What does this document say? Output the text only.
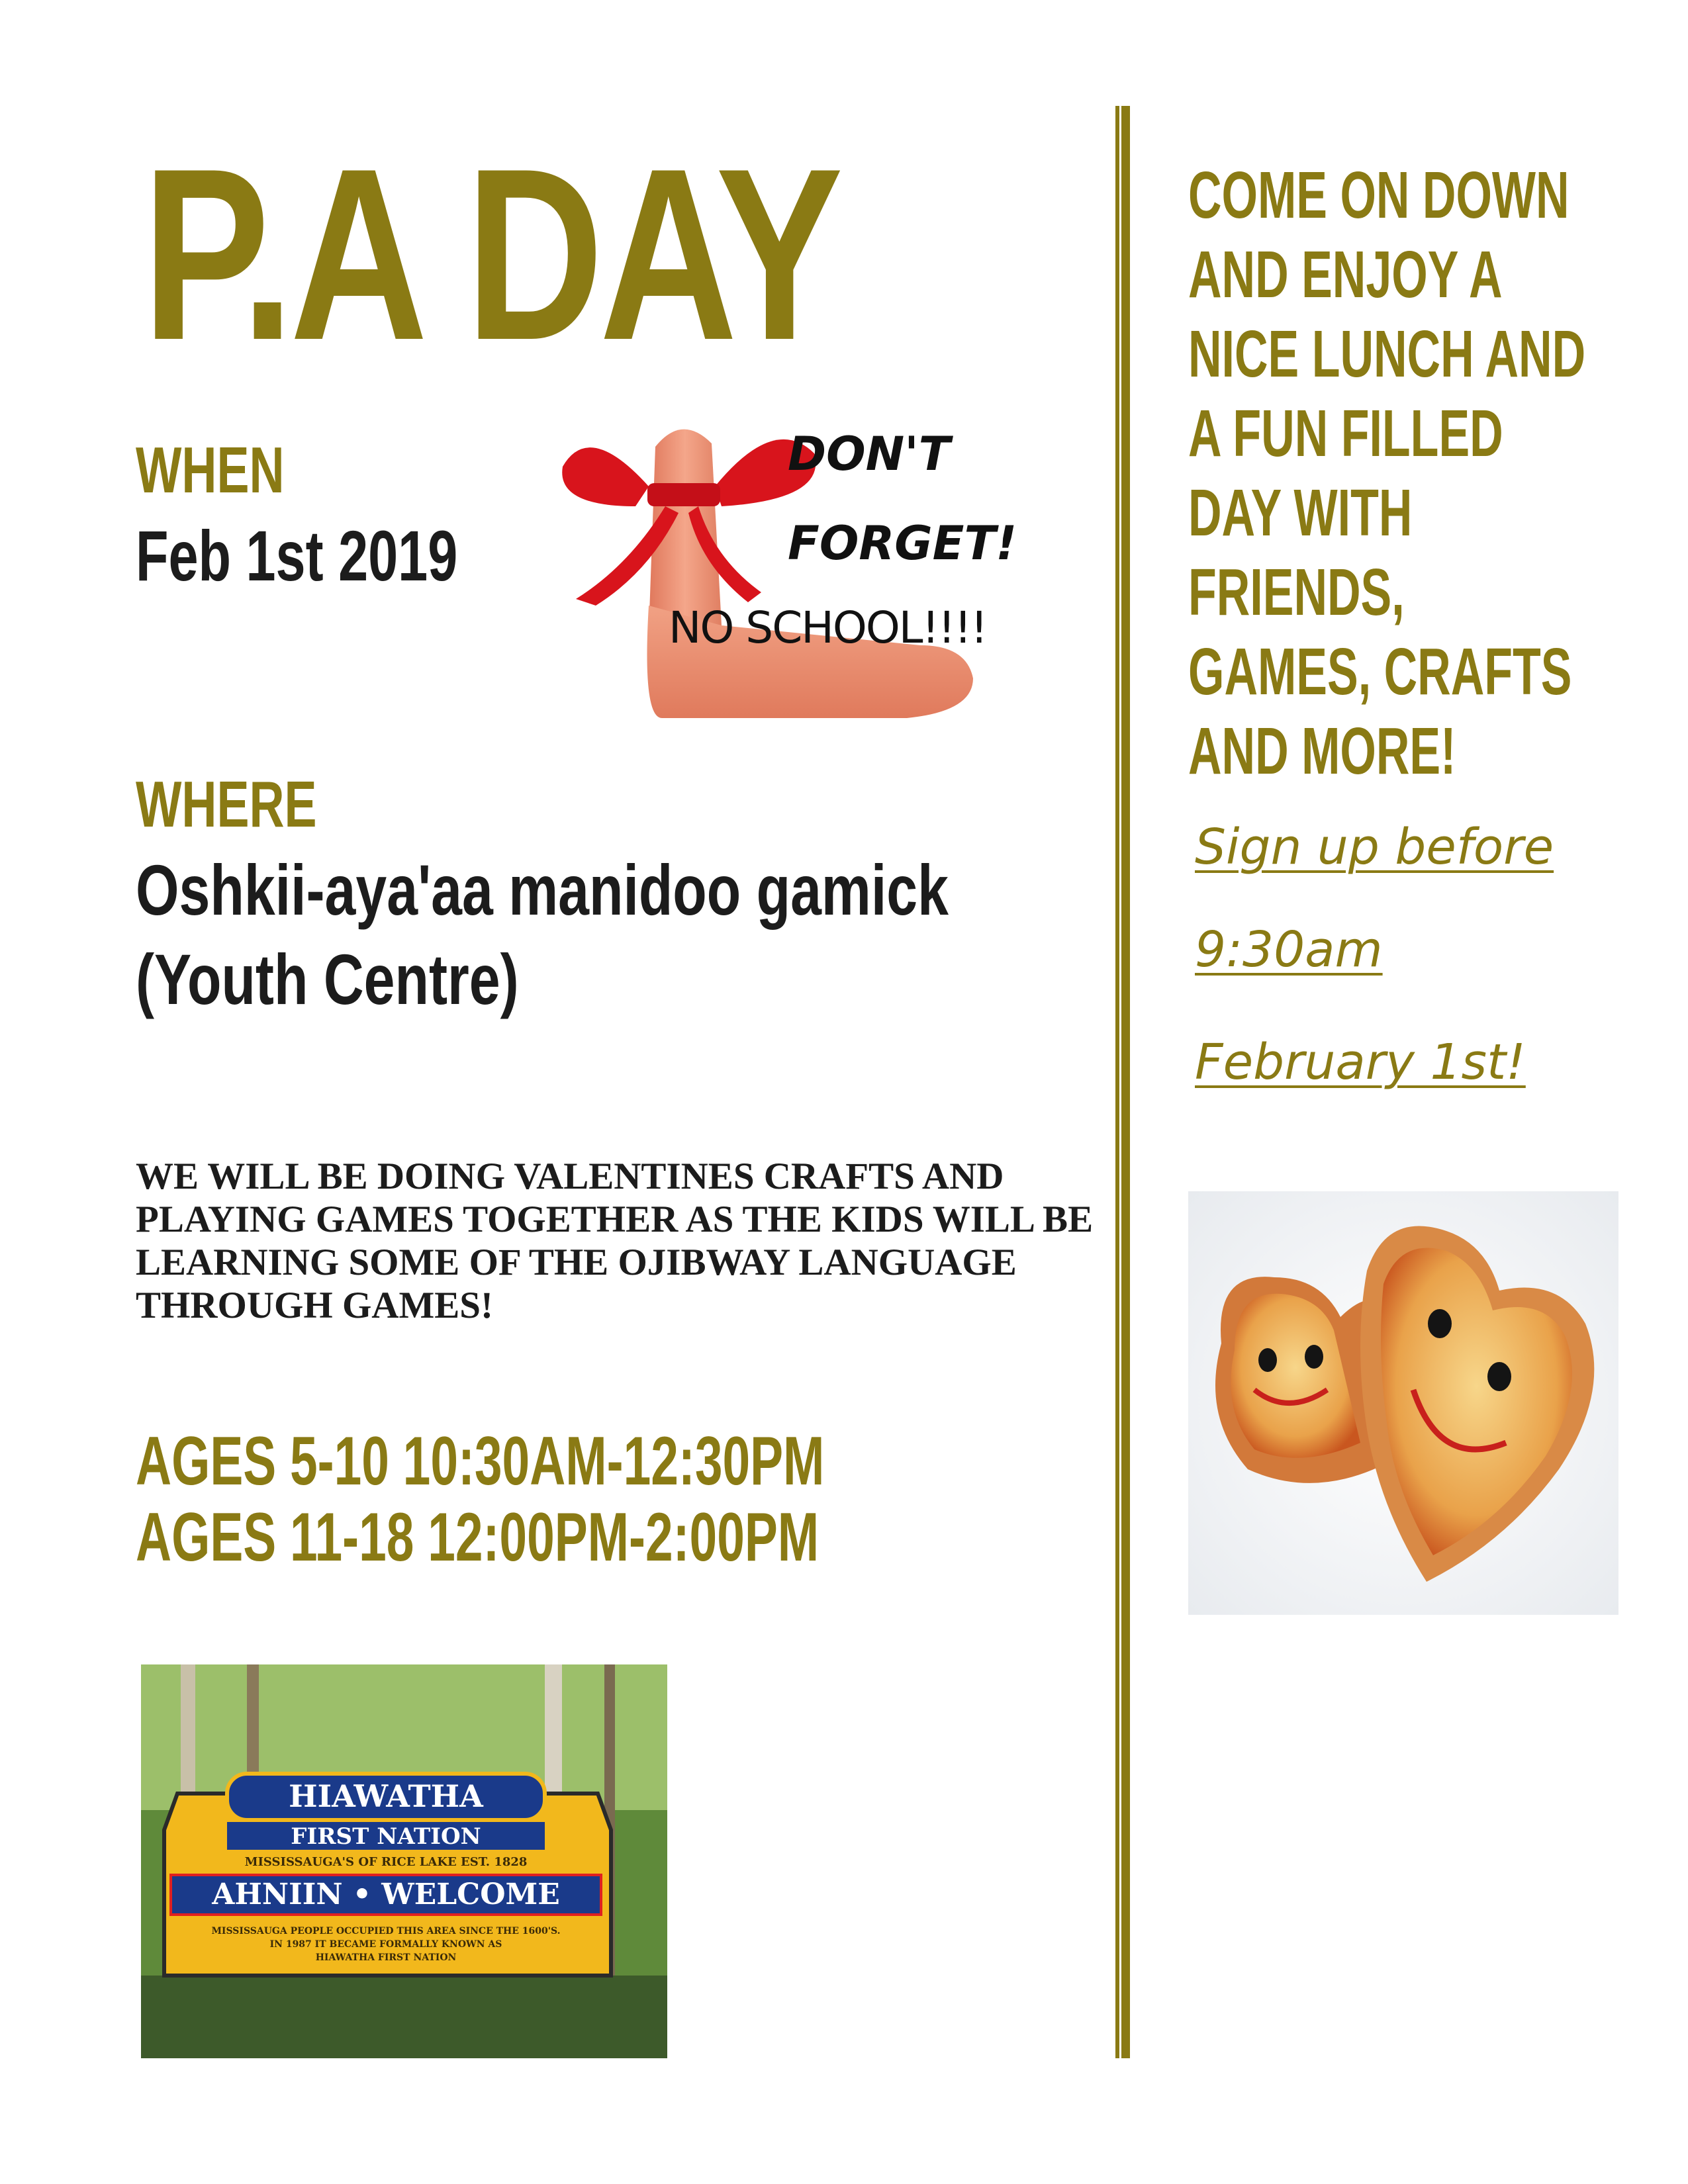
P.A DAY
WHEN
Feb 1st 2019
DON'T
FORGET!
NO SCHOOL!!!!
WHERE
Oshkii-aya'aa manidoo gamick
(Youth Centre)
WE WILL BE DOING VALENTINES CRAFTS AND PLAYING GAMES TOGETHER AS THE KIDS WILL BE LEARNING SOME OF THE OJIBWAY LANGUAGE THROUGH GAMES!
AGES 5-10 10:30AM-12:30PM
AGES 11-18 12:00PM-2:00PM
COME ON DOWN
AND ENJOY A
NICE LUNCH AND
A FUN FILLED
DAY WITH
FRIENDS,
GAMES, CRAFTS
AND MORE!
Sign up before
9:30am
February 1st!
HIAWATHA
FIRST NATION
MISSISSAUGA'S OF RICE LAKE EST. 1828
AHNIIN • WELCOME
MISSISSAUGA PEOPLE OCCUPIED THIS AREA SINCE THE 1600'S.
IN 1987 IT BECAME FORMALLY KNOWN AS
HIAWATHA FIRST NATION
